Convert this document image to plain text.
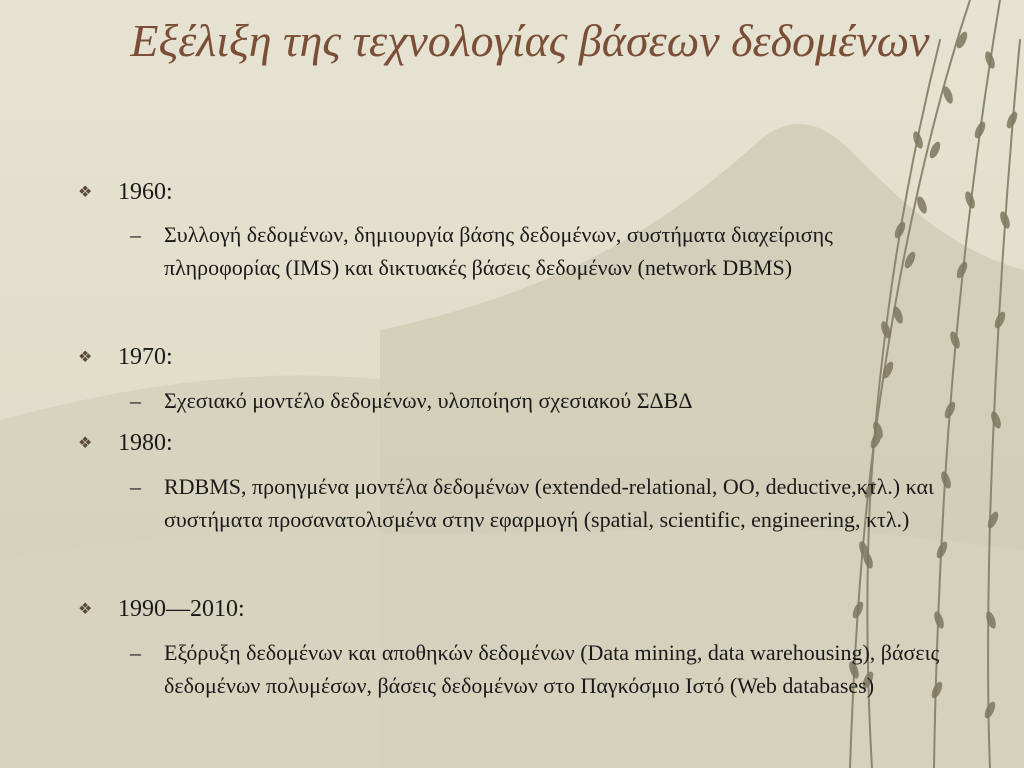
Εξέλιξη της τεχνολογίας βάσεων δεδομένων
❖ 1960:
– Συλλογή δεδομένων, δημιουργία βάσης δεδομένων, συστήματα διαχείρισης πληροφορίας (IMS) και δικτυακές βάσεις δεδομένων (network DBMS)
❖ 1970:
– Σχεσιακό μοντέλο δεδομένων, υλοποίηση σχεσιακού ΣΔΒΔ
❖ 1980:
– RDBMS, προηγμένα μοντέλα δεδομένων (extended-relational, OO, deductive,κτλ.) και συστήματα προσανατολισμένα στην εφαρμογή (spatial, scientific, engineering, κτλ.)
❖ 1990—2010:
– Εξόρυξη δεδομένων και αποθηκών δεδομένων (Data mining, data warehousing), βάσεις δεδομένων πολυμέσων, βάσεις δεδομένων στο Παγκόσμιο Ιστό (Web databases)
